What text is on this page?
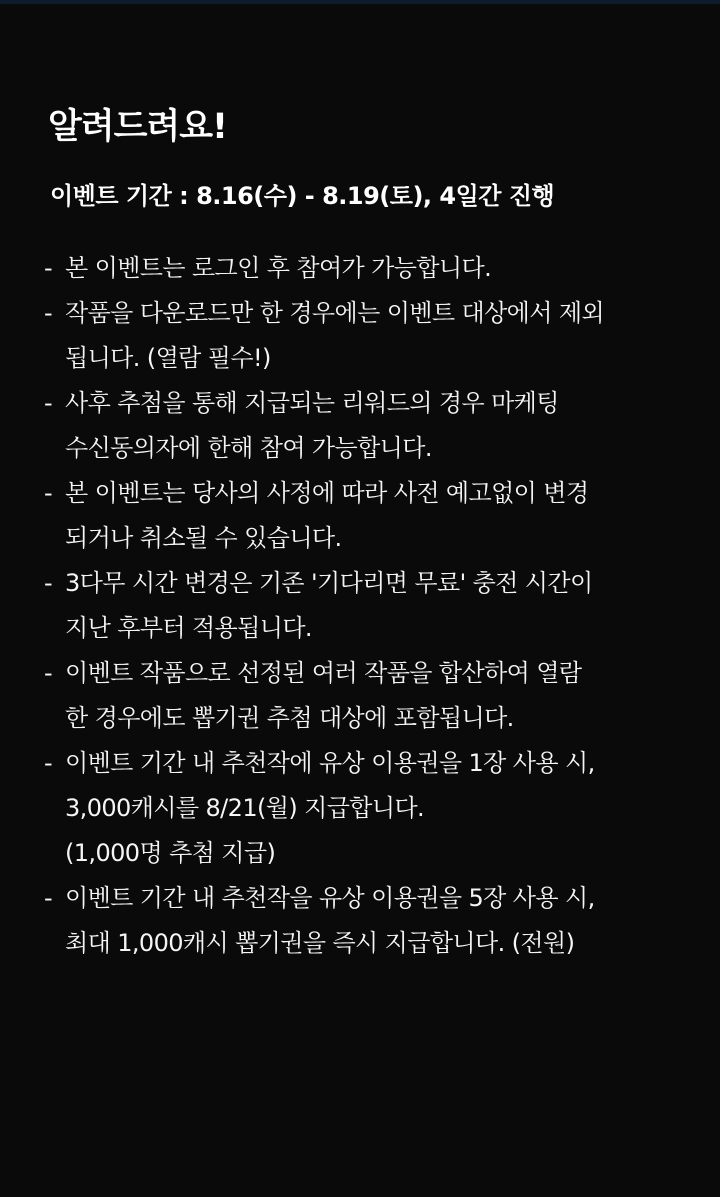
알려드려요!
이벤트 기간 : 8.16(수) - 8.19(토), 4일간 진행
- 본 이벤트는 로그인 후 참여가 가능합니다.
- 작품을 다운로드만 한 경우에는 이벤트 대상에서 제외
됩니다. (열람 필수!)
- 사후 추첨을 통해 지급되는 리워드의 경우 마케팅
수신동의자에 한해 참여 가능합니다.
- 본 이벤트는 당사의 사정에 따라 사전 예고없이 변경
되거나 취소될 수 있습니다.
- 3다무 시간 변경은 기존 '기다리면 무료' 충전 시간이
지난 후부터 적용됩니다.
- 이벤트 작품으로 선정된 여러 작품을 합산하여 열람
한 경우에도 뽑기권 추첨 대상에 포함됩니다.
- 이벤트 기간 내 추천작에 유상 이용권을 1장 사용 시,
3,000캐시를 8/21(월) 지급합니다.
(1,000명 추첨 지급)
- 이벤트 기간 내 추천작을 유상 이용권을 5장 사용 시,
최대 1,000캐시 뽑기권을 즉시 지급합니다. (전원)
